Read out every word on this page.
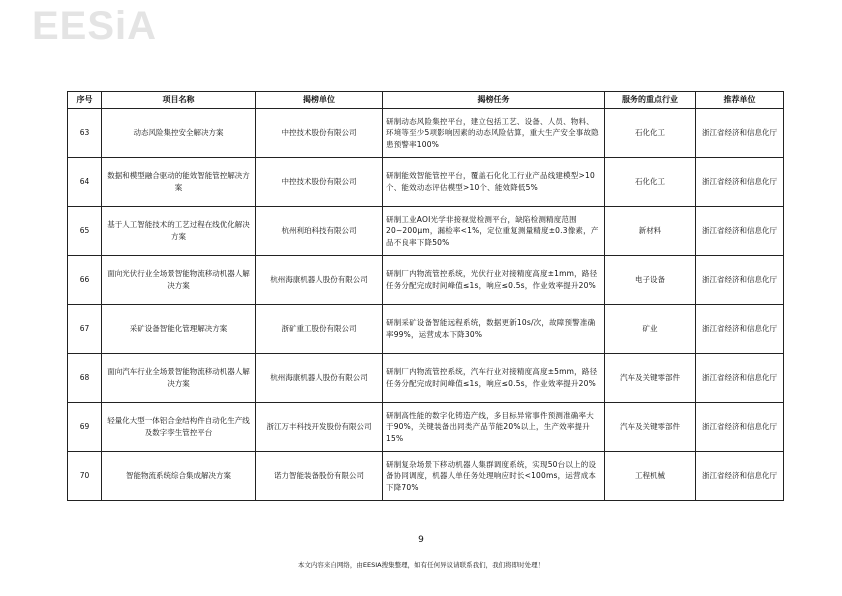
EESiA
序号	项目名称	揭榜单位	揭榜任务	服务的重点行业	推荐单位
63	动态风险集控安全解决方案	中控技术股份有限公司	研制动态风险集控平台，建立包括工艺、设备、人员、物料、环境等至少5项影响因素的动态风险估算，重大生产安全事故隐患预警率100%	石化化工	浙江省经济和信息化厅
64	数据和模型融合驱动的能效智能管控解决方案	中控技术股份有限公司	研制能效智能管控平台，覆盖石化化工行业产品线建模型>10个、能效动态评估模型>10个、能效降低5%	石化化工	浙江省经济和信息化厅
65	基于人工智能技术的工艺过程在线优化解决方案	杭州利珀科技有限公司	研制工业AOI光学非接视觉检测平台，缺陷检测精度范围20~200μm，漏检率<1%，定位重复测量精度±0.3像素，产品不良率下降50%	新材料	浙江省经济和信息化厅
66	面向光伏行业全场景智能物流移动机器人解决方案	杭州海康机器人股份有限公司	研制厂内物流管控系统，光伏行业对接精度高度±1mm，路径任务分配完成时间峰值≤1s，响应≤0.5s，作业效率提升20%	电子设备	浙江省经济和信息化厅
67	采矿设备智能化管理解决方案	浙矿重工股份有限公司	研制采矿设备智能远程系统，数据更新10s/次，故障预警准确率99%，运营成本下降30%	矿业	浙江省经济和信息化厅
68	面向汽车行业全场景智能物流移动机器人解决方案	杭州海康机器人股份有限公司	研制厂内物流管控系统，汽车行业对接精度高度±5mm，路径任务分配完成时间峰值≤1s，响应≤0.5s，作业效率提升20%	汽车及关键零部件	浙江省经济和信息化厅
69	轻量化大型一体铝合金结构件自动化生产线及数字孪生管控平台	浙江万丰科技开发股份有限公司	研制高性能的数字化铸造产线，多目标异常事件预测准确率大于90%，关键装备出同类产品节能20%以上，生产效率提升15%	汽车及关键零部件	浙江省经济和信息化厅
70	智能物流系统综合集成解决方案	诺力智能装备股份有限公司	研制复杂场景下移动机器人集群调度系统，实现50台以上的设备协同调度，机器人单任务处理响应时长<100ms，运营成本下降70%	工程机械	浙江省经济和信息化厅
9
本文内容来自网络，由EESIA搜集整理，如有任何异议请联系我们，我们将即时处理！
